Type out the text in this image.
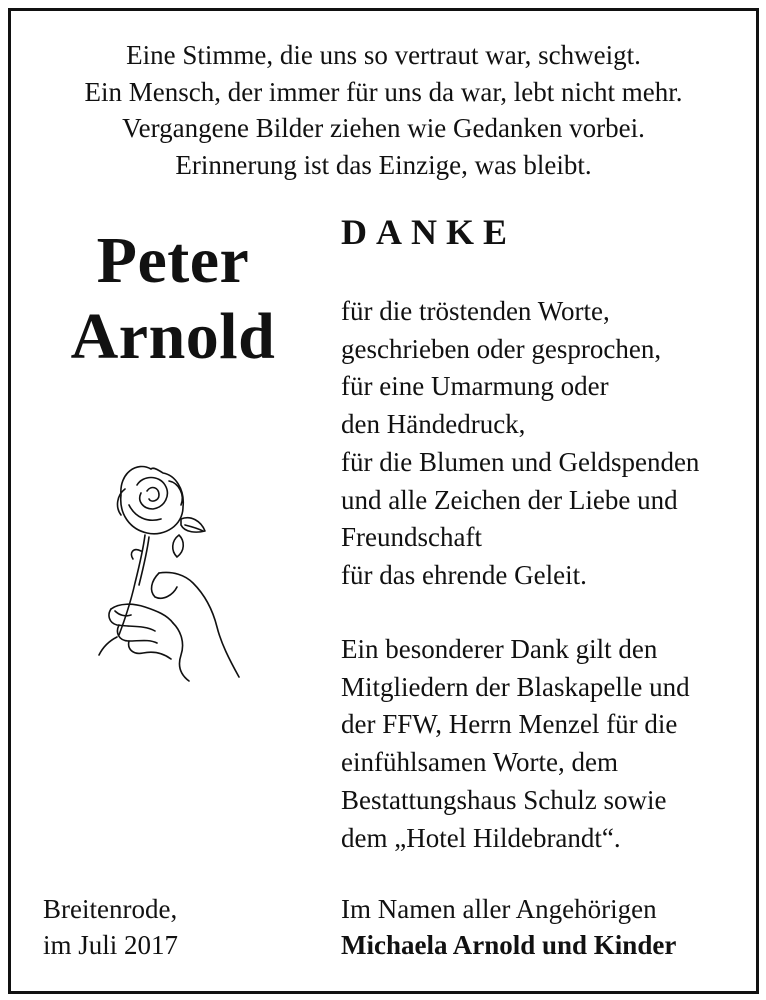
Eine Stimme, die uns so vertraut war, schweigt.
Ein Mensch, der immer für uns da war, lebt nicht mehr.
Vergangene Bilder ziehen wie Gedanken vorbei.
Erinnerung ist das Einzige, was bleibt.
Peter
Arnold
DANKE
für die tröstenden Worte,
geschrieben oder gesprochen,
für eine Umarmung oder
den Händedruck,
für die Blumen und Geldspenden
und alle Zeichen der Liebe und
Freundschaft
für das ehrende Geleit.
Ein besonderer Dank gilt den
Mitgliedern der Blaskapelle und
der FFW, Herrn Menzel für die
einfühlsamen Worte, dem
Bestattungshaus Schulz sowie
dem „Hotel Hildebrandt“.
Breitenrode,
im Juli 2017
Im Namen aller Angehörigen
Michaela Arnold und Kinder
